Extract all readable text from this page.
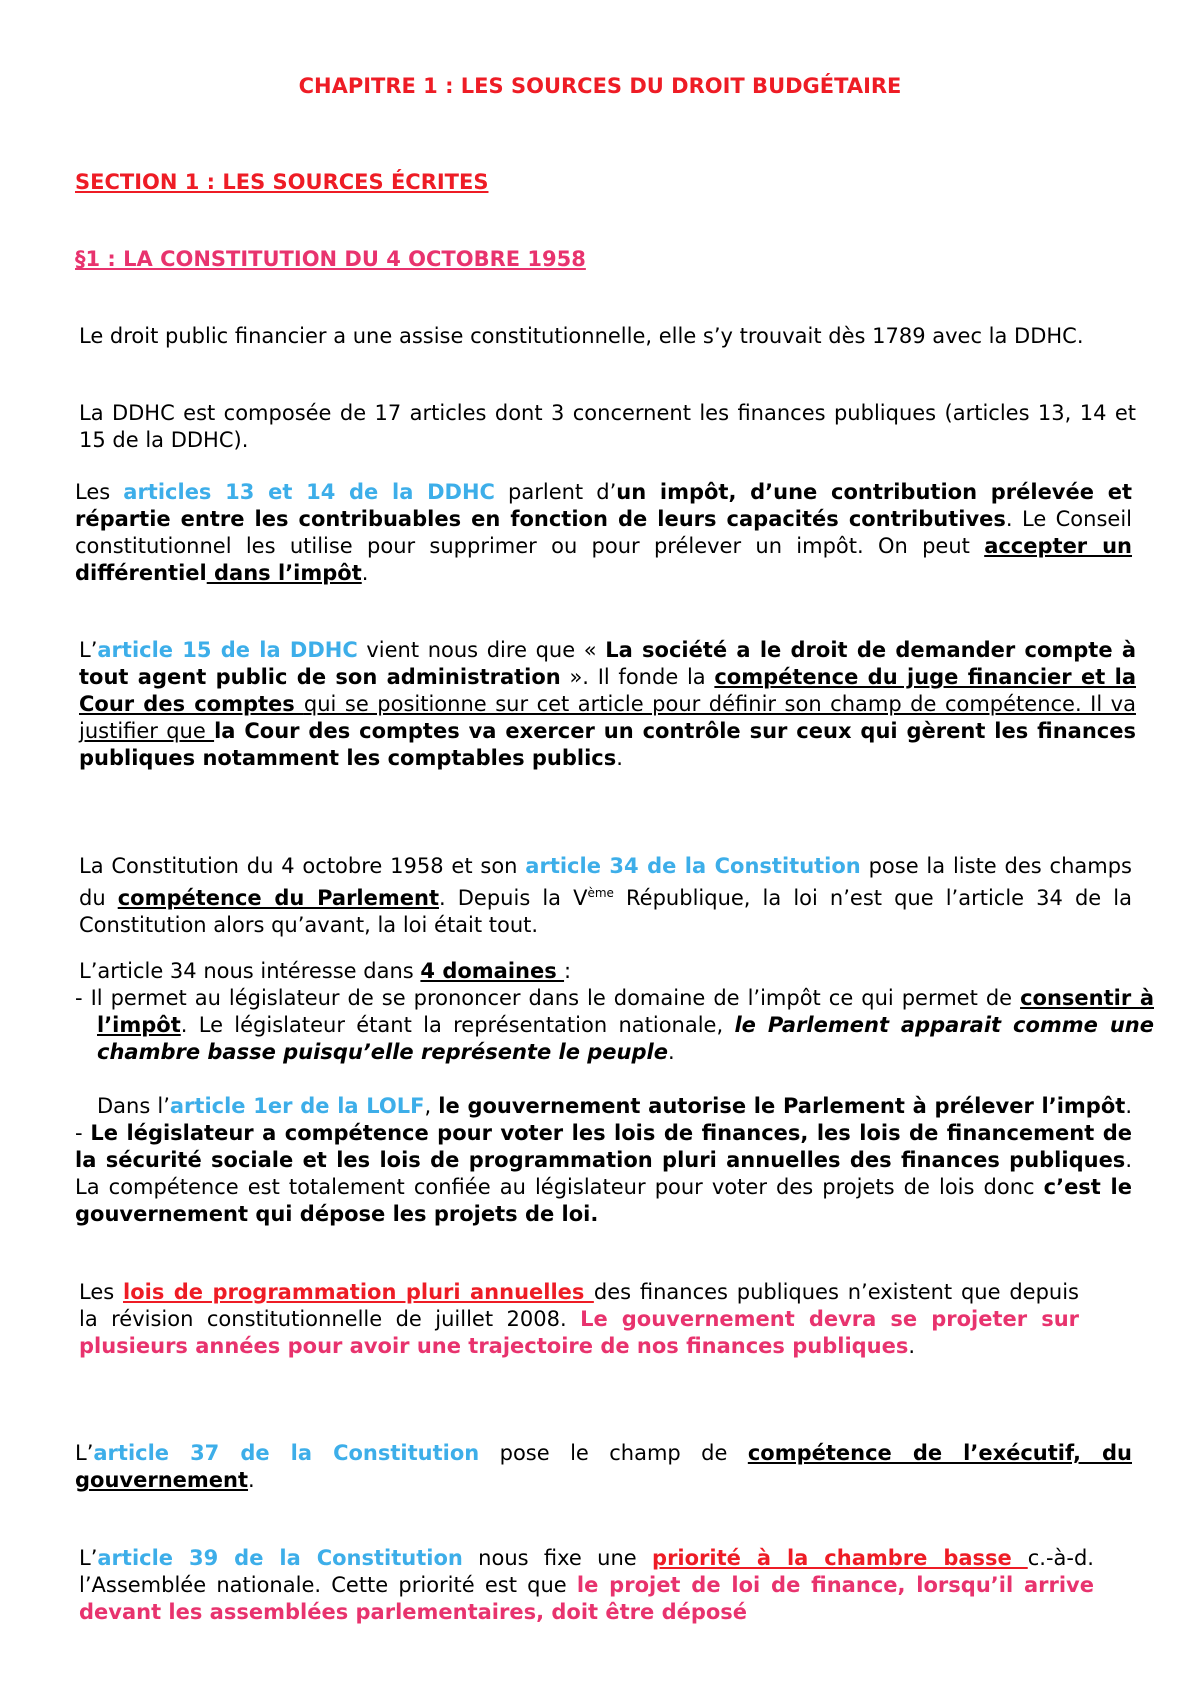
CHAPITRE 1 : LES SOURCES DU DROIT BUDGÉTAIRE
SECTION 1 : LES SOURCES ÉCRITES
§1 : LA CONSTITUTION DU 4 OCTOBRE 1958

Le droit public financier a une assise constitutionnelle, elle s’y trouvait dès 1789 avec la DDHC.

La DDHC est composée de 17 articles dont 3 concernent les finances publiques (articles 13, 14 et 15 de la DDHC).

Les articles 13 et 14 de la DDHC parlent d’un impôt, d’une contribution prélevée et répartie entre les contribuables en fonction de leurs capacités contributives. Le Conseil constitutionnel les utilise pour supprimer ou pour prélever un impôt. On peut accepter un différentiel dans l’impôt.

L’article 15 de la DDHC vient nous dire que « La société a le droit de demander compte à tout agent public de son administration ». Il fonde la compétence du juge financier et la Cour des comptes qui se positionne sur cet article pour définir son champ de compétence. Il va justifier que la Cour des comptes va exercer un contrôle sur ceux qui gèrent les finances publiques notamment les comptables publics.

La Constitution du 4 octobre 1958 et son article 34 de la Constitution pose la liste des champs du compétence du Parlement. Depuis la Vème République, la loi n’est que l’article 34 de la Constitution alors qu’avant, la loi était tout.

L’article 34 nous intéresse dans 4 domaines :

- Il permet au législateur de se prononcer dans le domaine de l’impôt ce qui permet de consentir à l’impôt. Le législateur étant la représentation nationale, le Parlement apparait comme une chambre basse puisqu’elle représente le peuple.

Dans l’article 1er de la LOLF, le gouvernement autorise le Parlement à prélever l’impôt. - Le législateur a compétence pour voter les lois de finances, les lois de financement de la sécurité sociale et les lois de programmation pluri annuelles des finances publiques. La compétence est totalement confiée au législateur pour voter des projets de lois donc c’est le gouvernement qui dépose les projets de loi.

Les lois de programmation pluri annuelles des finances publiques n’existent que depuis la révision constitutionnelle de juillet 2008. Le gouvernement devra se projeter sur plusieurs années pour avoir une trajectoire de nos finances publiques.

L’article 37 de la Constitution pose le champ de compétence de l’exécutif, du gouvernement.

L’article 39 de la Constitution nous fixe une priorité à la chambre basse c.-à-d. l’Assemblée nationale. Cette priorité est que le projet de loi de finance, lorsqu’il arrive devant les assemblées parlementaires, doit être déposé
